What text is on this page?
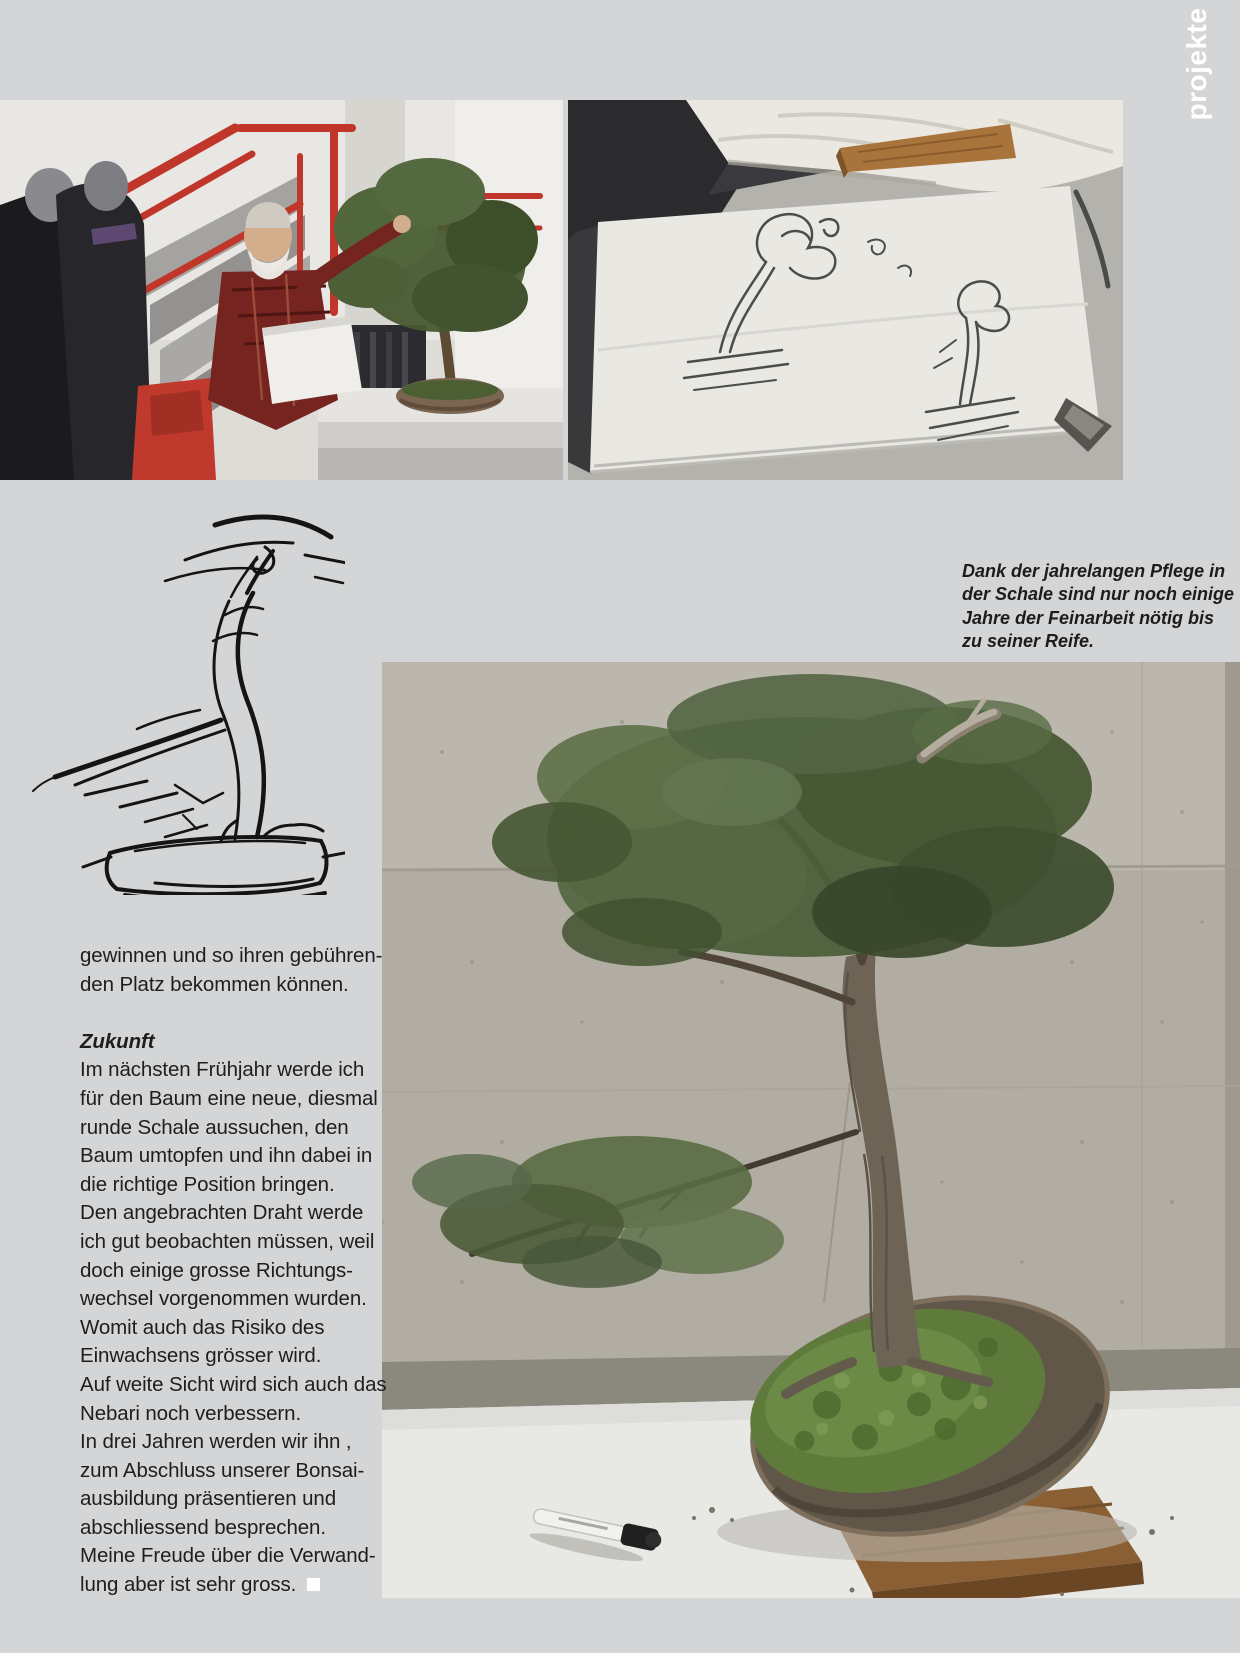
projekte
Dank der jahrelangen Pflege in
der Schale sind nur noch einige
Jahre der Feinarbeit nötig bis
zu seiner Reife.
gewinnen und so ihren gebühren-
den Platz bekommen können.
Zukunft
Im nächsten Frühjahr werde ich
für den Baum eine neue, diesmal
runde Schale aussuchen, den
Baum umtopfen und ihn dabei in
die richtige Position bringen.
Den angebrachten Draht werde
ich gut beobachten müssen, weil
doch einige grosse Richtungs-
wechsel vorgenommen wurden.
Womit auch das Risiko des
Einwachsens grösser wird.
Auf weite Sicht wird sich auch das
Nebari noch verbessern.
In drei Jahren werden wir ihn ,
zum Abschluss unserer Bonsai-
ausbildung präsentieren und
abschliessend besprechen.
Meine Freude über die Verwand-
lung aber ist sehr gross.
